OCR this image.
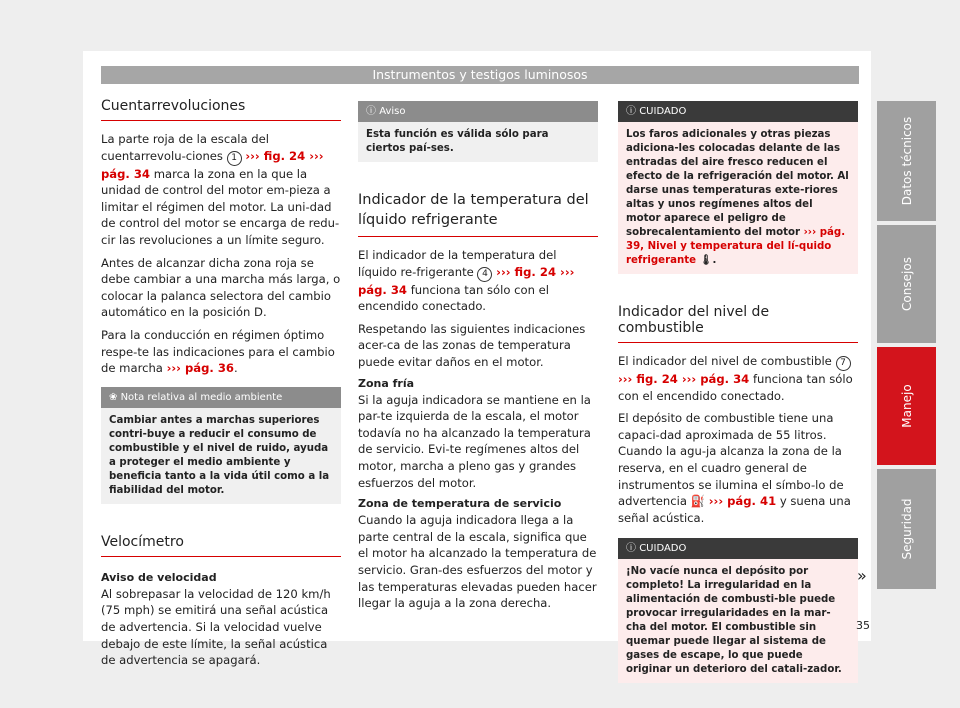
Instrumentos y testigos luminosos
Cuentarrevoluciones

La parte roja de la escala del cuentarrevolu-ciones 1 ››› fig. 24 ››› pág. 34 marca la zona en la que la unidad de control del motor em-pieza a limitar el régimen del motor. La uni-dad de control del motor se encarga de redu-cir las revoluciones a un límite seguro.

Antes de alcanzar dicha zona roja se debe cambiar a una marcha más larga, o colocar la palanca selectora del cambio automático en la posición D.

Para la conducción en régimen óptimo respe-te las indicaciones para el cambio de marcha ››› pág. 36.

❀ Nota relativa al medio ambiente
Cambiar antes a marchas superiores contri-buye a reducir el consumo de combustible y el nivel de ruido, ayuda a proteger el medio ambiente y beneficia tanto a la vida útil como a la fiabilidad del motor.
Velocímetro
Aviso de velocidad

Al sobrepasar la velocidad de 120 km/h (75 mph) se emitirá una señal acústica de advertencia. Si la velocidad vuelve debajo de este límite, la señal acústica de advertencia se apagará.

ⓘ Aviso
Esta función es válida sólo para ciertos paí-ses.
Indicador de la temperatura del líquido refrigerante

El indicador de la temperatura del líquido re-frigerante 4 ››› fig. 24 ››› pág. 34 funciona tan sólo con el encendido conectado.

Respetando las siguientes indicaciones acer-ca de las zonas de temperatura puede evitar daños en el motor.

Zona fría

Si la aguja indicadora se mantiene en la par-te izquierda de la escala, el motor todavía no ha alcanzado la temperatura de servicio. Evi-te regímenes altos del motor, marcha a pleno gas y grandes esfuerzos del motor.

Zona de temperatura de servicio

Cuando la aguja indicadora llega a la parte central de la escala, significa que el motor ha alcanzado la temperatura de servicio. Gran-des esfuerzos del motor y las temperaturas elevadas pueden hacer llegar la aguja a la zona derecha.

ⓘ CUIDADO
Los faros adicionales y otras piezas adiciona-les colocadas delante de las entradas del aire fresco reducen el efecto de la refrigeración del motor. Al darse unas temperaturas exte-riores altas y unos regímenes altos del motor aparece el peligro de sobrecalentamiento del motor ››› pág. 39, Nivel y temperatura del lí-quido refrigerante 🌡.
Indicador del nivel de combustible

El indicador del nivel de combustible 7 ››› fig. 24 ››› pág. 34 funciona tan sólo con el encendido conectado.

El depósito de combustible tiene una capaci-dad aproximada de 55 litros. Cuando la agu-ja alcanza la zona de la reserva, en el cuadro general de instrumentos se ilumina el símbo-lo de advertencia ⛽ ››› pág. 41 y suena una señal acústica.

ⓘ CUIDADO
¡No vacíe nunca el depósito por completo! La irregularidad en la alimentación de combusti-ble puede provocar irregularidades en la mar-cha del motor. El combustible sin quemar puede llegar al sistema de gases de escape, lo que puede originar un deterioro del catali-zador.
»
Datos técnicos
Consejos
Manejo
Seguridad
35
